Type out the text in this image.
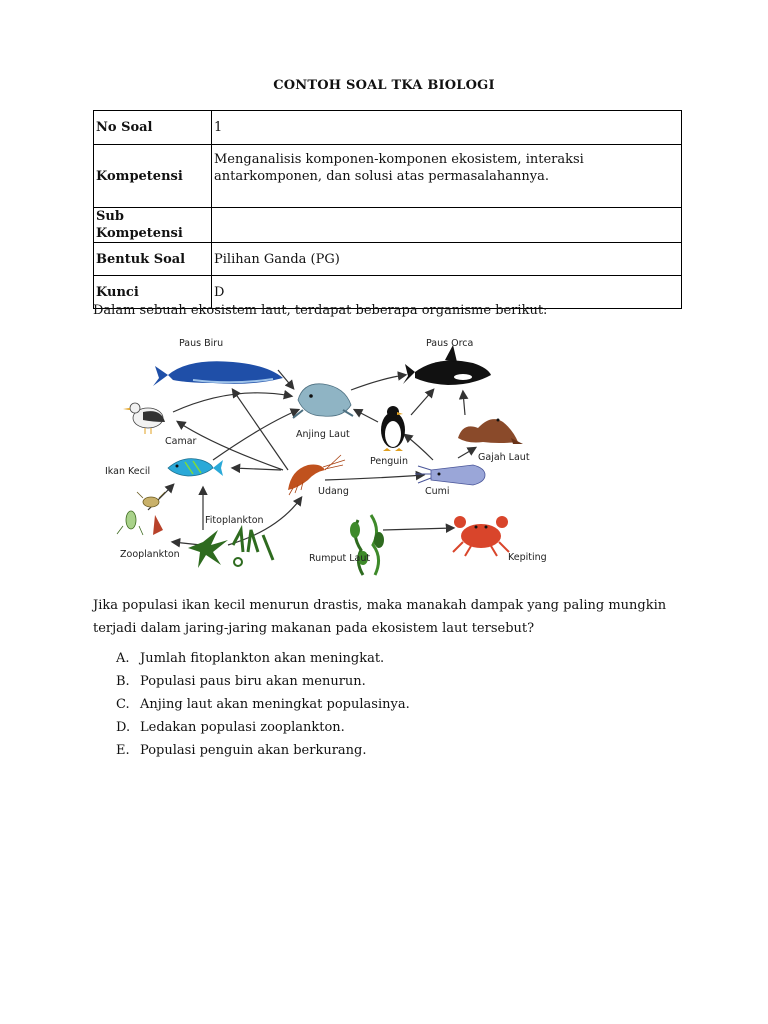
CONTOH SOAL TKA BIOLOGI
No Soal	1
Kompetensi	Menganalisis komponen-komponen ekosistem, interaksi antarkomponen, dan solusi atas permasalahannya.
Sub Kompetensi	
Bentuk Soal	Pilihan Ganda (PG)
Kunci	D
Dalam sebuah ekosistem laut, terdapat beberapa organisme berikut:
Paus Biru	Paus Orca
Camar
Anjing Laut
Penguin	Gajah Laut
Ikan Kecil
Udang	Cumi
Zooplankton
Fitoplankton
Rumput Laut	Kepiting
Jika populasi ikan kecil menurun drastis, maka manakah dampak yang paling mungkin terjadi dalam jaring-jaring makanan pada ekosistem laut tersebut?
A. Jumlah fitoplankton akan meningkat.
B. Populasi paus biru akan menurun.
C. Anjing laut akan meningkat populasinya.
D. Ledakan populasi zooplankton.
E. Populasi penguin akan berkurang.
